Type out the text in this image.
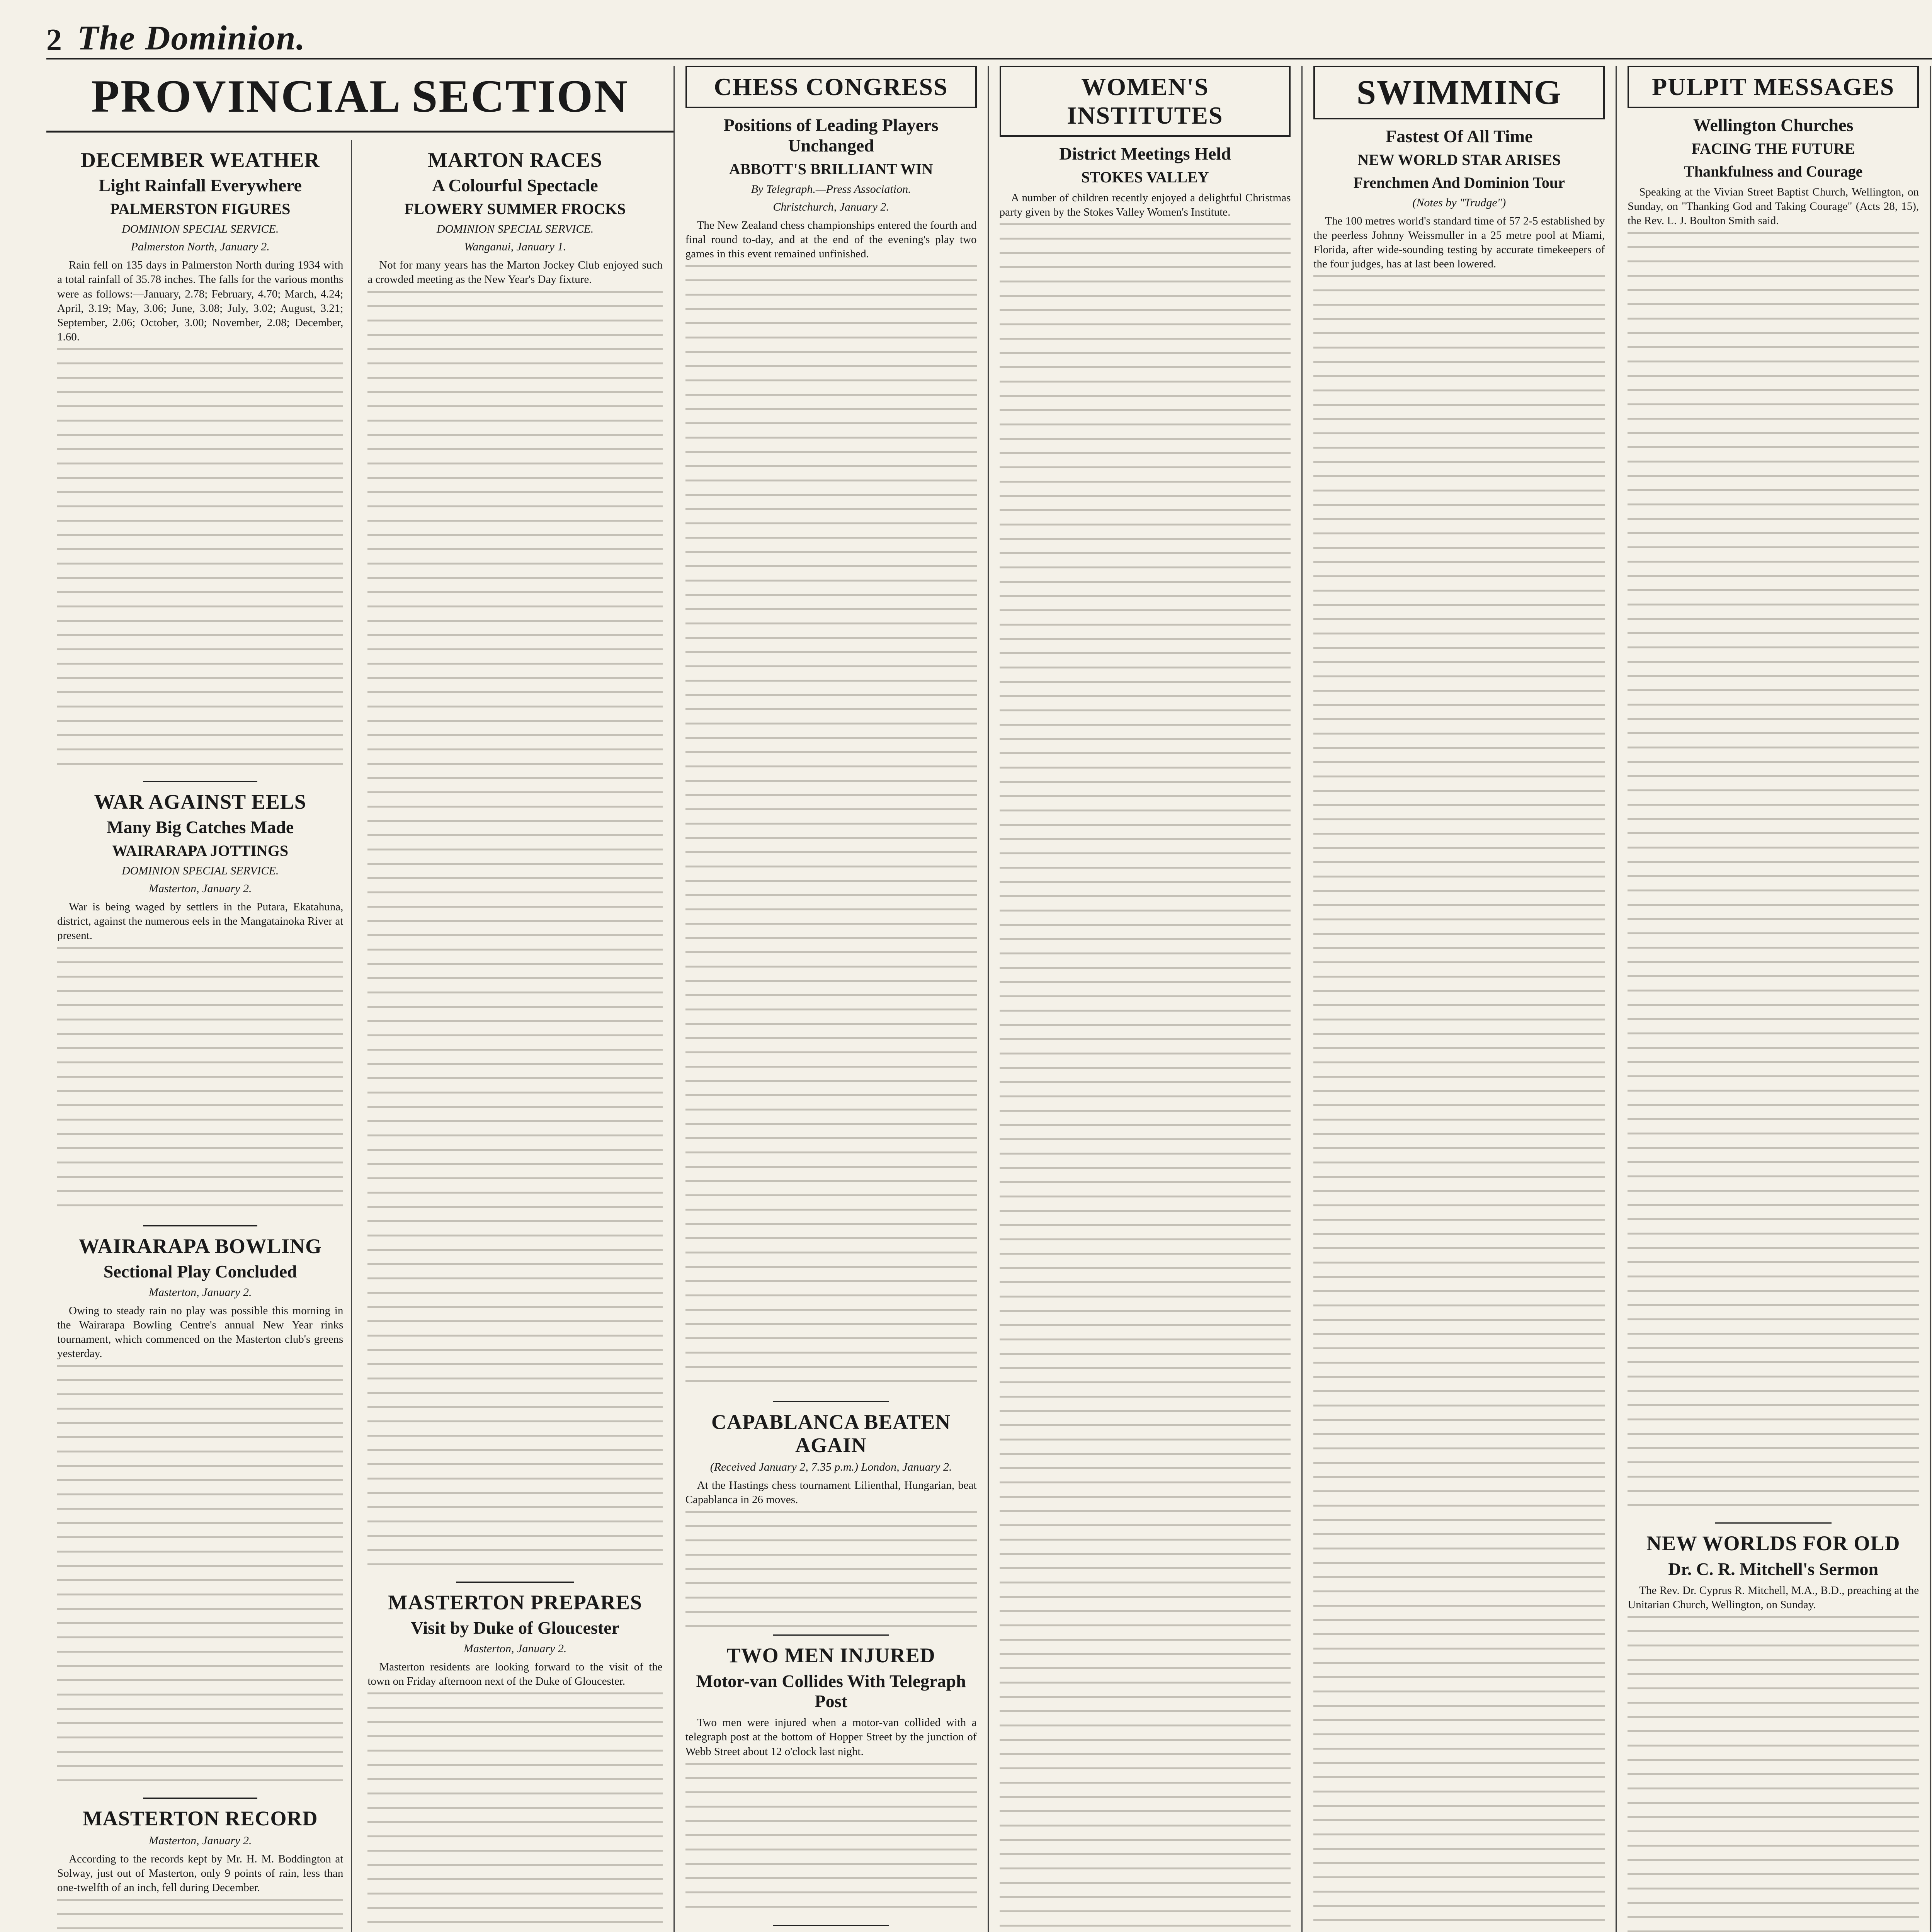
2 The Dominion.
PROVINCIAL SECTION
DECEMBER WEATHER
Light Rainfall Everywhere
PALMERSTON FIGURES
DOMINION SPECIAL SERVICE.
Palmerston North, January 2.

Rain fell on 135 days in Palmerston North during 1934 with a total rainfall of 35.78 inches. The falls for the various months were as follows:—January, 2.78; February, 4.70; March, 4.24; April, 3.19; May, 3.06; June, 3.08; July, 3.02; August, 3.21; September, 2.06; October, 3.00; November, 2.08; December, 1.60.

WAR AGAINST EELS
Many Big Catches Made
WAIRARAPA JOTTINGS
DOMINION SPECIAL SERVICE.
Masterton, January 2.

War is being waged by settlers in the Putara, Ekatahuna, district, against the numerous eels in the Mangatainoka River at present.

WAIRARAPA BOWLING
Sectional Play Concluded
Masterton, January 2.

Owing to steady rain no play was possible this morning in the Wairarapa Bowling Centre's annual New Year rinks tournament, which commenced on the Masterton club's greens yesterday.

MASTERTON RECORD
Masterton, January 2.

According to the records kept by Mr. H. M. Boddington at Solway, just out of Masterton, only 9 points of rain, less than one-twelfth of an inch, fell during December.

MARTON RACES
A Colourful Spectacle
FLOWERY SUMMER FROCKS
DOMINION SPECIAL SERVICE.
Wanganui, January 1.

Not for many years has the Marton Jockey Club enjoyed such a crowded meeting as the New Year's Day fixture.

MASTERTON PREPARES
Visit by Duke of Gloucester
Masterton, January 2.

Masterton residents are looking forward to the visit of the town on Friday afternoon next of the Duke of Gloucester.

CHESS CONGRESS
Positions of Leading Players Unchanged
ABBOTT'S BRILLIANT WIN
By Telegraph.—Press Association.
Christchurch, January 2.

The New Zealand chess championships entered the fourth and final round to-day, and at the end of the evening's play two games in this event remained unfinished.

CAPABLANCA BEATEN AGAIN
(Received January 2, 7.35 p.m.) London, January 2.

At the Hastings chess tournament Lilienthal, Hungarian, beat Capablanca in 26 moves.

TWO MEN INJURED
Motor-van Collides With Telegraph Post

Two men were injured when a motor-van collided with a telegraph post at the bottom of Hopper Street by the junction of Webb Street about 12 o'clock last night.

WOMEN'S INSTITUTES
District Meetings Held
STOKES VALLEY

A number of children recently enjoyed a delightful Christmas party given by the Stokes Valley Women's Institute.

SWIMMING
Fastest Of All Time
NEW WORLD STAR ARISES
Frenchmen And Dominion Tour
(Notes by "Trudge")

The 100 metres world's standard time of 57 2-5 established by the peerless Johnny Weissmuller in a 25 metre pool at Miami, Florida, after wide-sounding testing by accurate timekeepers of the four judges, has at last been lowered.

PULPIT MESSAGES
Wellington Churches
FACING THE FUTURE
Thankfulness and Courage

Speaking at the Vivian Street Baptist Church, Wellington, on Sunday, on "Thanking God and Taking Courage" (Acts 28, 15), the Rev. L. J. Boulton Smith said.

NEW WORLDS FOR OLD
Dr. C. R. Mitchell's Sermon

The Rev. Dr. Cyprus R. Mitchell, M.A., B.D., preaching at the Unitarian Church, Wellington, on Sunday.
